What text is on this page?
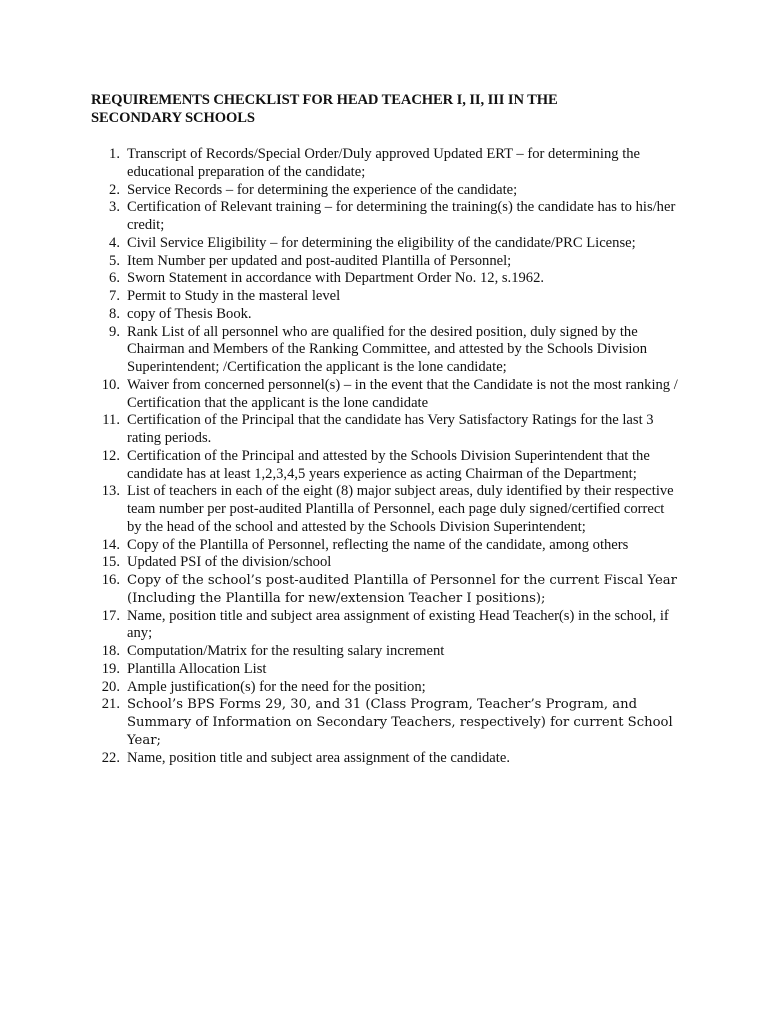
REQUIREMENTS CHECKLIST FOR HEAD TEACHER I, II, III IN THE SECONDARY SCHOOLS
1. Transcript of Records/Special Order/Duly approved Updated ERT – for determining the educational preparation of the candidate;
2. Service Records – for determining the experience of the candidate;
3. Certification of Relevant training – for determining the training(s) the candidate has to his/her credit;
4. Civil Service Eligibility – for determining the eligibility of the candidate/PRC License;
5. Item Number per updated and post-audited Plantilla of Personnel;
6. Sworn Statement in accordance with Department Order No. 12, s.1962.
7. Permit to Study in the masteral level
8. copy of Thesis Book.
9. Rank List of all personnel who are qualified for the desired position, duly signed by the Chairman and Members of the Ranking Committee, and attested by the Schools Division Superintendent; /Certification the applicant is the lone candidate;
10. Waiver from concerned personnel(s) – in the event that the Candidate is not the most ranking / Certification that the applicant is the lone candidate
11. Certification of the Principal that the candidate has Very Satisfactory Ratings for the last 3 rating periods.
12. Certification of the Principal and attested by the Schools Division Superintendent that the candidate has at least 1,2,3,4,5 years experience as acting Chairman of the Department;
13. List of teachers in each of the eight (8) major subject areas, duly identified by their respective team number per post-audited Plantilla of Personnel, each page duly signed/certified correct by the head of the school and attested by the Schools Division Superintendent;
14. Copy of the Plantilla of Personnel, reflecting the name of the candidate, among others
15. Updated PSI of the division/school
16. Copy of the school’s post-audited Plantilla of Personnel for the current Fiscal Year (Including the Plantilla for new/extension Teacher I positions);
17. Name, position title and subject area assignment of existing Head Teacher(s) in the school, if any;
18. Computation/Matrix for the resulting salary increment
19. Plantilla Allocation List
20. Ample justification(s) for the need for the position;
21. School’s BPS Forms 29, 30, and 31 (Class Program, Teacher’s Program, and Summary of Information on Secondary Teachers, respectively) for current School Year;
22. Name, position title and subject area assignment of the candidate.
